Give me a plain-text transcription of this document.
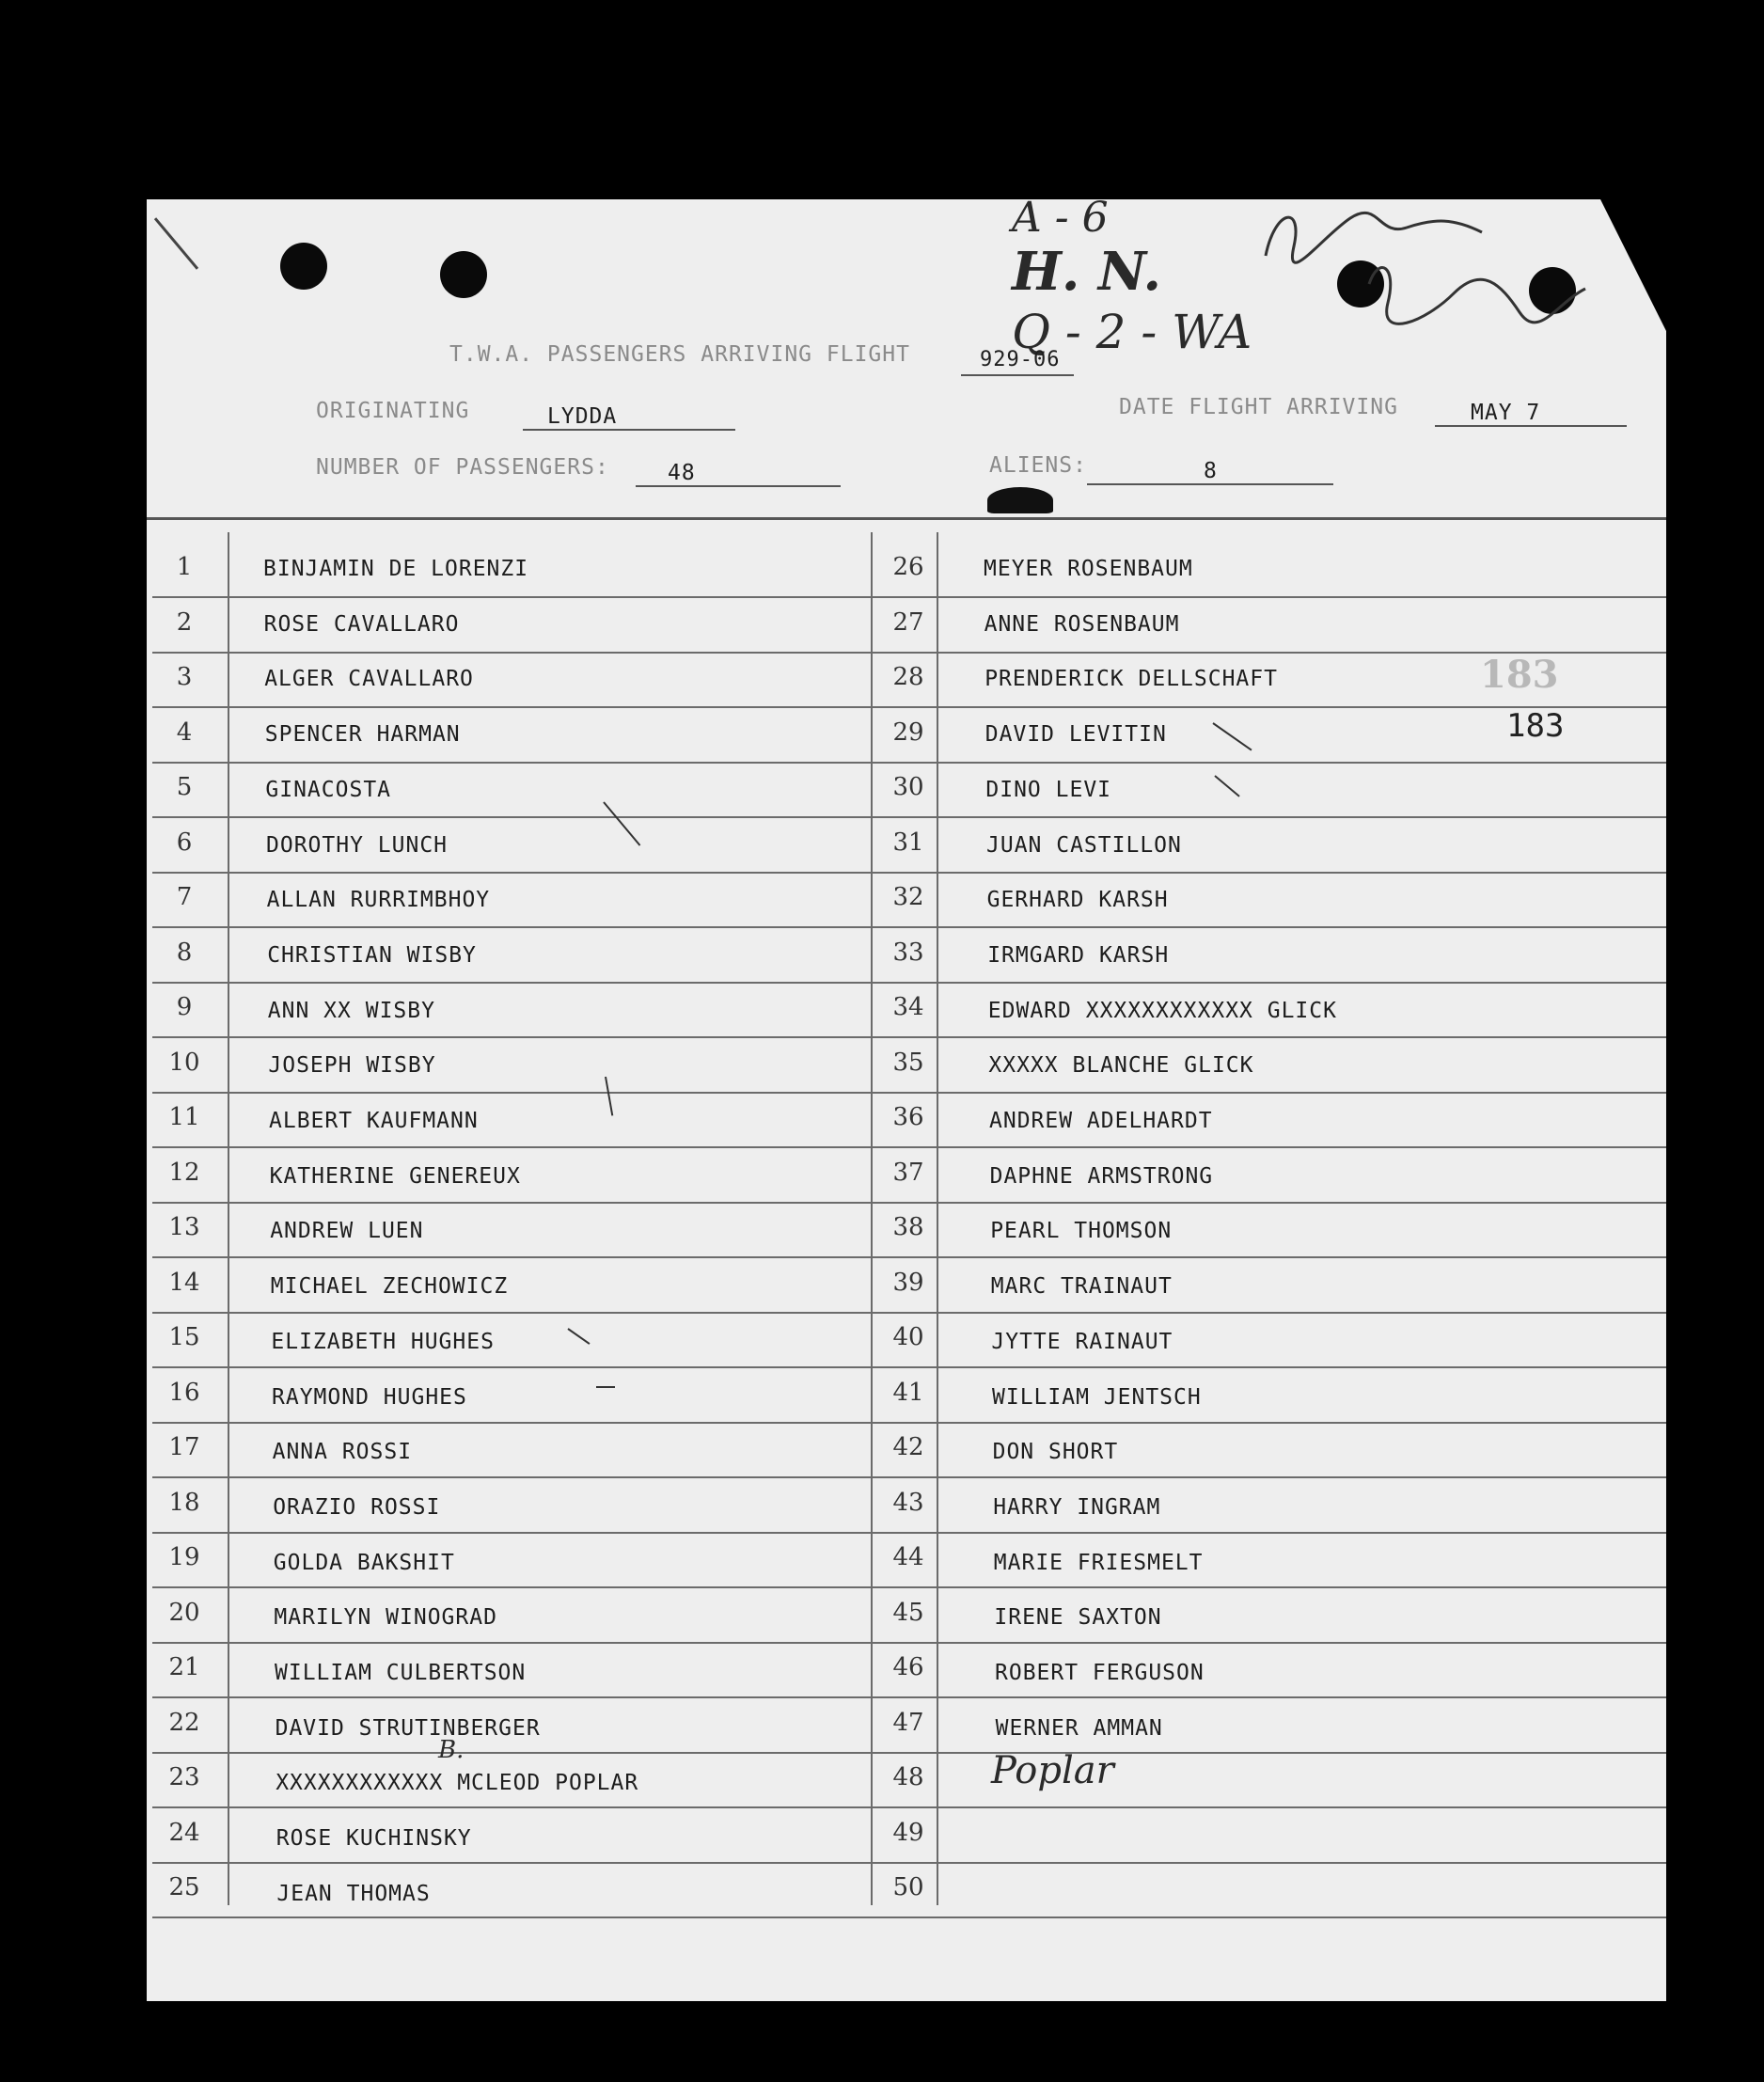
A - 6
H. N.
Q - 2 - WA
T.W.A. PASSENGERS ARRIVING FLIGHT	929-06
ORIGINATING	LYDDA	DATE FLIGHT ARRIVING	MAY 7
NUMBER OF PASSENGERS:	48	ALIENS:	8
1	BINJAMIN DE LORENZI	26	MEYER ROSENBAUM
2	ROSE CAVALLARO	27	ANNE ROSENBAUM
3	ALGER CAVALLARO	28	PRENDERICK DELLSCHAFT
4	SPENCER HARMAN	29	DAVID LEVITIN
5	GINACOSTA	30	DINO LEVI
6	DOROTHY LUNCH	31	JUAN CASTILLON
7	ALLAN RURRIMBHOY	32	GERHARD KARSH
8	CHRISTIAN WISBY	33	IRMGARD KARSH
9	ANN XX WISBY	34	EDWARD XXXXXXXXXXXX GLICK
10	JOSEPH WISBY	35	XXXXX BLANCHE GLICK
11	ALBERT KAUFMANN	36	ANDREW ADELHARDT
12	KATHERINE GENEREUX	37	DAPHNE ARMSTRONG
13	ANDREW LUEN	38	PEARL THOMSON
14	MICHAEL ZECHOWICZ	39	MARC TRAINAUT
15	ELIZABETH HUGHES	40	JYTTE RAINAUT
16	RAYMOND HUGHES	41	WILLIAM JENTSCH
17	ANNA ROSSI	42	DON SHORT
18	ORAZIO ROSSI	43	HARRY INGRAM
19	GOLDA BAKSHIT	44	MARIE FRIESMELT
20	MARILYN WINOGRAD	45	IRENE SAXTON
21	WILLIAM CULBERTSON	46	ROBERT FERGUSON
22	DAVID STRUTINBERGER	47	WERNER AMMAN
23	XXXXXXXXXXXX MCLEOD POPLAR	48
24	ROSE KUCHINSKY	49
25	JEAN THOMAS	50
183
183
Poplar
B.
